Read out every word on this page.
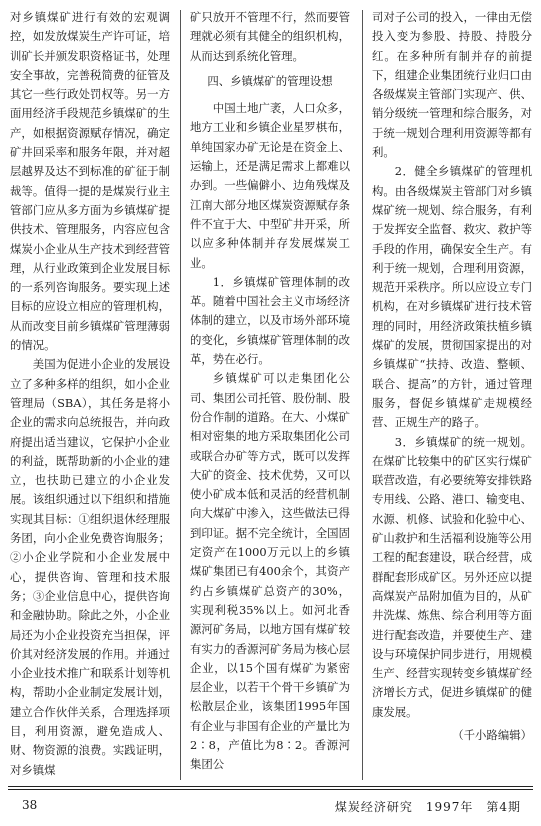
对乡镇煤矿进行有效的宏观调控，如发放煤炭生产许可证，培训矿长并颁发职资格证书，处理安全事故，完善税简费的征管及其它一些行政处罚权等。另一方面用经济手段规范乡镇煤矿的生产，如根据资源赋存情况，确定矿井回采率和服务年限，并对超层越界及达不到标准的矿征于制裁等。值得一提的是煤炭行业主管部门应从多方面为乡镇煤矿提供技术、管理服务，内容应包含煤炭小企业从生产技术到经营管理，从行业政策到企业发展目标的一系列咨询服务。要实现上述目标的应设立相应的管理机构，从而改变目前乡镇煤矿管理薄弱的情况。

美国为促进小企业的发展设立了多种多样的组织，如小企业管理局（SBA），其任务是将小企业的需求向总统报告，并向政府提出适当建议，它保护小企业的利益，既帮助新的小企业的建立，也扶助已建立的小企业发展。该组织通过以下组织和措施实现其目标：①组织退休经理服务团，向小企业免费咨询服务；②小企业学院和小企业发展中心，提供咨询、管理和技术服务；③企业信息中心，提供咨询和金融协助。除此之外，小企业局还为小企业投资充当担保，评价其对经济发展的作用。并通过小企业技术推广和联系计划等机构，帮助小企业制定发展计划，建立合作伙伴关系，合理选择项目，利用资源，避免造成人、财、物资源的浪费。实践证明，对乡镇煤

矿只放开不管理不行，然而要管理就必须有其健全的组织机构，从而达到系统化管理。

四、乡镇煤矿的管理设想

中国土地广袤，人口众多，地方工业和乡镇企业星罗棋布，单纯国家办矿无论是在资金上、运输上，还是满足需求上都难以办到。一些偏僻小、边角残煤及江南大部分地区煤炭资源赋存条件不宜于大、中型矿井开采，所以应多种体制并存发展煤炭工业。

1．乡镇煤矿管理体制的改革。随着中国社会主义市场经济体制的建立，以及市场外部环境的变化，乡镇煤矿管理体制的改革，势在必行。

乡镇煤矿可以走集团化公司、集团公司托管、股份制、股份合作制的道路。在大、小煤矿相对密集的地方采取集团化公司或联合办矿等方式，既可以发挥大矿的资金、技术优势，又可以使小矿成本低和灵活的经营机制向大煤矿中渗入，这些做法已得到印证。据不完全统计，全国固定资产在1000万元以上的乡镇煤矿集团已有400余个，其资产约占乡镇煤矿总资产的30%，实现利税35%以上。如河北香源河矿务局，以地方国有煤矿较有实力的香源河矿务局为核心层企业，以15个国有煤矿为紧密层企业，以若干个骨干乡镇矿为松散层企业，该集团1995年国有企业与非国有企业的产量比为2∶8，产值比为8∶2。香源河集团公

司对子公司的投入，一律由无偿投入变为参股、持股、持股分红。在多种所有制并存的前提下，组建企业集团统行业归口由各级煤炭主管部门实现产、供、销分级统一管理和综合服务，对于统一规划合理利用资源等都有利。

2．健全乡镇煤矿的管理机构。由各级煤炭主管部门对乡镇煤矿统一规划、综合服务，有利于发挥安全监督、救灾、救护等手段的作用，确保安全生产。有利于统一规划，合理利用资源，规范开采秩序。所以应设立专门机构，在对乡镇煤矿进行技术管理的同时，用经济政策扶植乡镇煤矿的发展，贯彻国家提出的对乡镇煤矿“扶持、改造、整顿、联合、提高”的方针，通过管理服务，督促乡镇煤矿走规模经营、正规生产的路子。

3．乡镇煤矿的统一规划。在煤矿比较集中的矿区实行煤矿联营改造，有必要统筹安排铁路专用线、公路、港口、输变电、水源、机修、试验和化验中心、矿山救护和生活福利设施等公用工程的配套建设，联合经营，成群配套形成矿区。另外还应以提高煤炭产品附加值为目的，从矿井洗煤、炼焦、综合利用等方面进行配套改造，并要使生产、建设与环境保护同步进行，用规模生产、经营实现转变乡镇煤矿经济增长方式，促进乡镇煤矿的健康发展。

（千小路编辑）

38	煤炭经济研究　1997年　第4期
